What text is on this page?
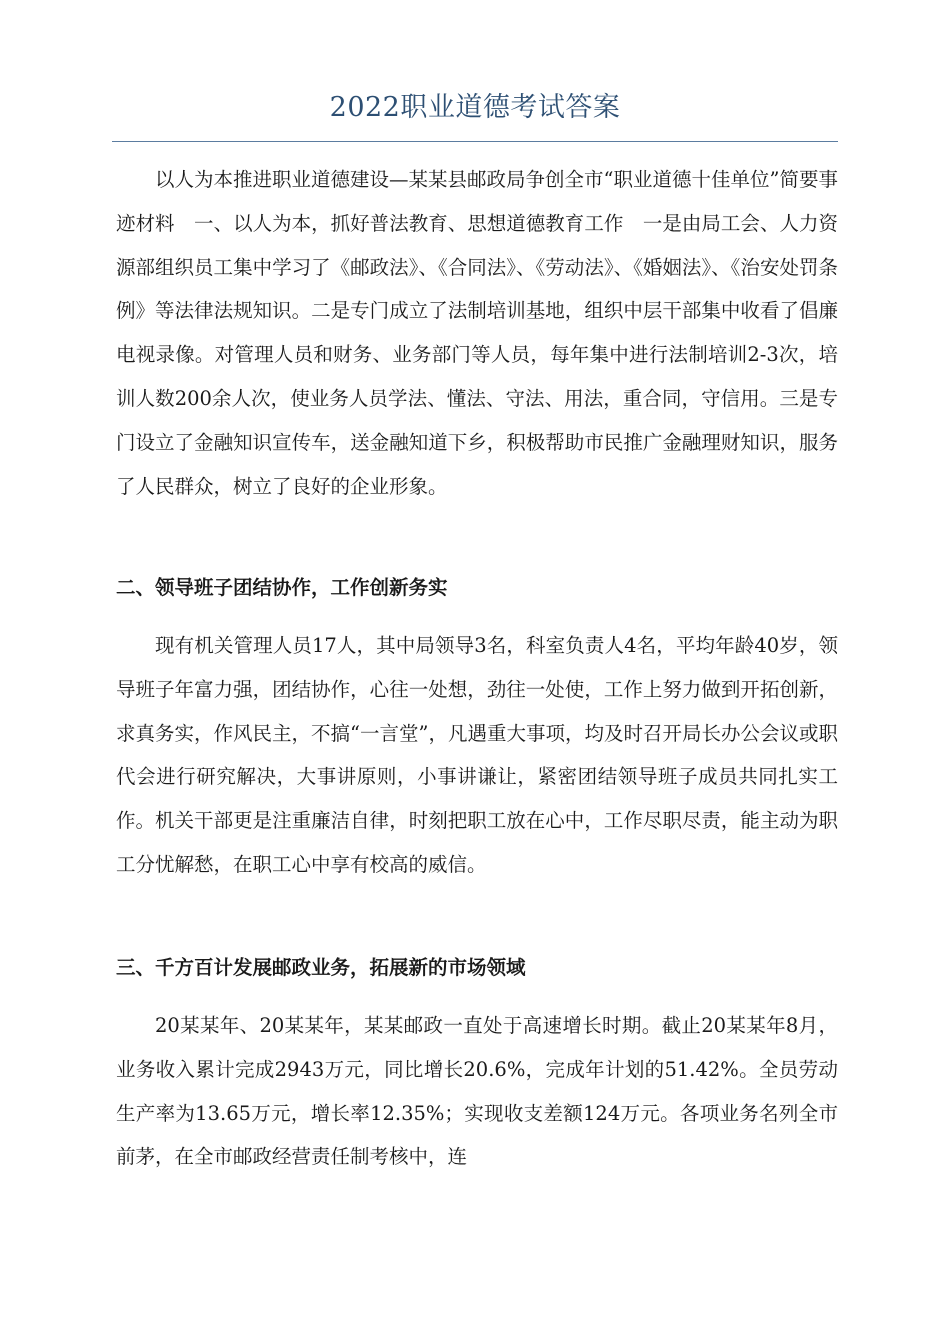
2022职业道德考试答案

以人为本推进职业道德建设—某某县邮政局争创全市“职业道德十佳单位”简要事迹材料　一、以人为本，抓好普法教育、思想道德教育工作　一是由局工会、人力资源部组织员工集中学习了《邮政法》、《合同法》、《劳动法》、《婚姻法》、《治安处罚条例》等法律法规知识。二是专门成立了法制培训基地，组织中层干部集中收看了倡廉电视录像。对管理人员和财务、业务部门等人员，每年集中进行法制培训2-3次，培训人数200余人次，使业务人员学法、懂法、守法、用法，重合同，守信用。三是专门设立了金融知识宣传车，送金融知道下乡，积极帮助市民推广金融理财知识，服务了人民群众，树立了良好的企业形象。

二、领导班子团结协作，工作创新务实

现有机关管理人员17人，其中局领导3名，科室负责人4名，平均年龄40岁，领导班子年富力强，团结协作，心往一处想，劲往一处使，工作上努力做到开拓创新，求真务实，作风民主，不搞“一言堂”，凡遇重大事项，均及时召开局长办公会议或职代会进行研究解决，大事讲原则，小事讲谦让，紧密团结领导班子成员共同扎实工作。机关干部更是注重廉洁自律，时刻把职工放在心中，工作尽职尽责，能主动为职工分忧解愁，在职工心中享有校高的威信。

三、千方百计发展邮政业务，拓展新的市场领域

20某某年、20某某年，某某邮政一直处于高速增长时期。截止20某某年8月，业务收入累计完成2943万元，同比增长20.6%，完成年计划的51.42%。全员劳动生产率为13.65万元，增长率12.35%；实现收支差额124万元。各项业务名列全市前茅，在全市邮政经营责任制考核中，连
